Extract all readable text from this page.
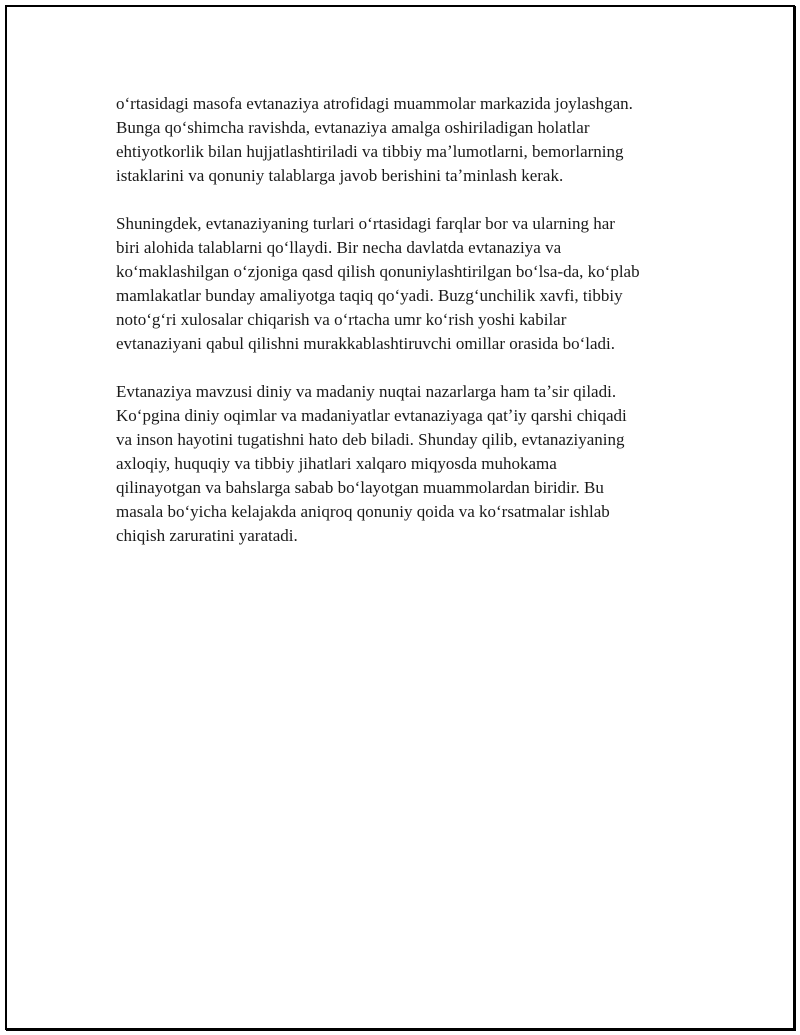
oʻrtasidagi masofa evtanaziya atrofidagi muammolar markazida joylashgan.
Bunga qoʻshimcha ravishda, evtanaziya amalga oshiriladigan holatlar
ehtiyotkorlik bilan hujjatlashtiriladi va tibbiy maʼlumotlarni, bemorlarning
istaklarini va qonuniy talablarga javob berishini taʼminlash kerak.

Shuningdek, evtanaziyaning turlari oʻrtasidagi farqlar bor va ularning har
biri alohida talablarni qoʻllaydi. Bir necha davlatda evtanaziya va
koʻmaklashilgan oʻzjoniga qasd qilish qonuniylashtirilgan boʻlsa-da, koʻplab
mamlakatlar bunday amaliyotga taqiq qoʻyadi. Buzgʻunchilik xavfi, tibbiy
notoʻgʻri xulosalar chiqarish va oʻrtacha umr koʻrish yoshi kabilar
evtanaziyani qabul qilishni murakkablashtiruvchi omillar orasida boʻladi.

Evtanaziya mavzusi diniy va madaniy nuqtai nazarlarga ham taʼsir qiladi.
Koʻpgina diniy oqimlar va madaniyatlar evtanaziyaga qatʼiy qarshi chiqadi
va inson hayotini tugatishni hato deb biladi. Shunday qilib, evtanaziyaning
axloqiy, huquqiy va tibbiy jihatlari xalqaro miqyosda muhokama
qilinayotgan va bahslarga sabab boʻlayotgan muammolardan biridir. Bu
masala boʻyicha kelajakda aniqroq qonuniy qoida va koʻrsatmalar ishlab
chiqish zaruratini yaratadi.
